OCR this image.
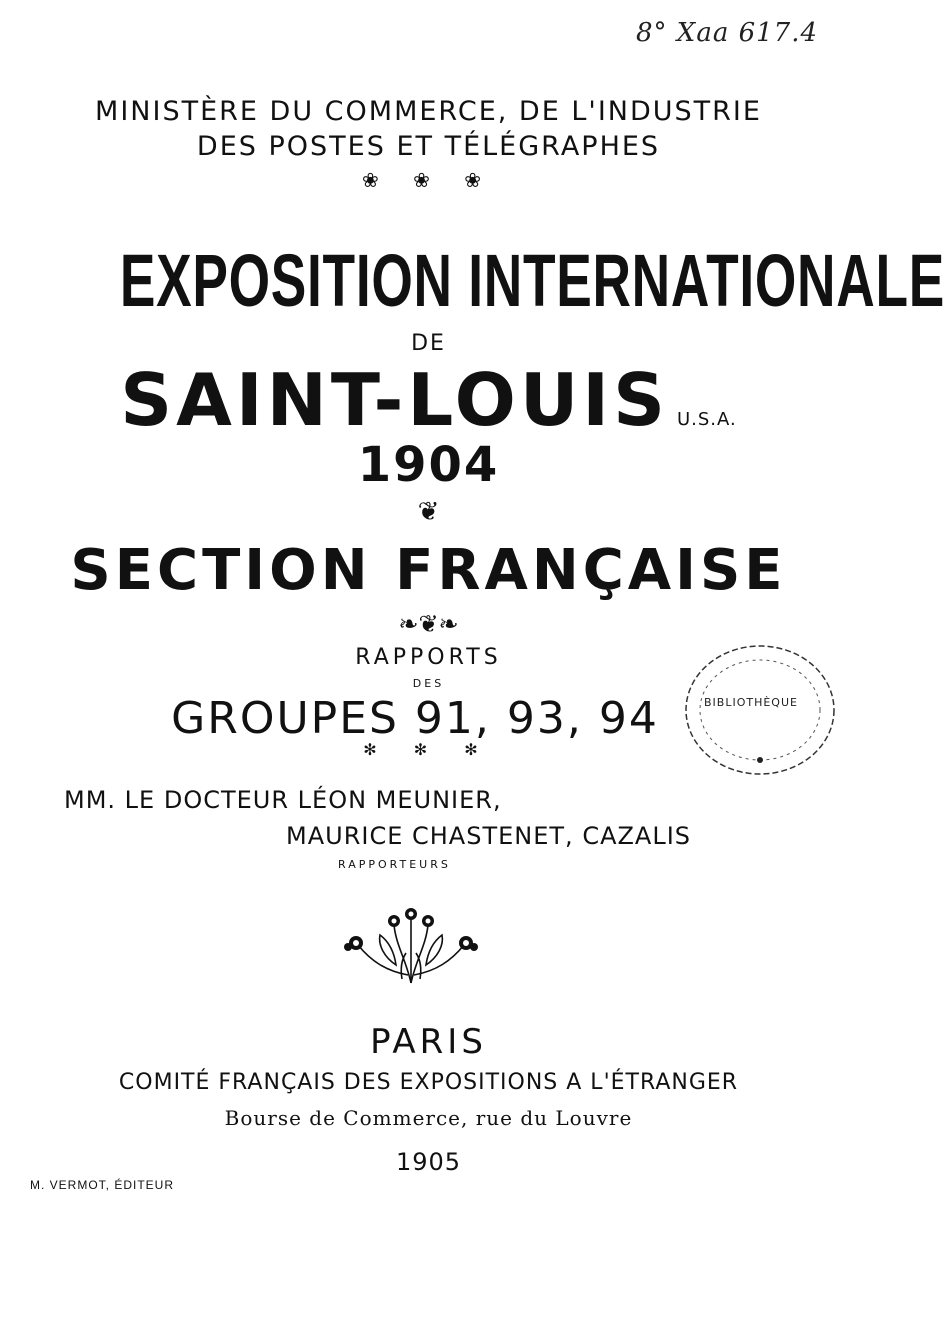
8° Xaa 617.4
MINISTÈRE DU COMMERCE, DE L'INDUSTRIE
DES POSTES ET TÉLÉGRAPHES
❀ ❀ ❀
EXPOSITION INTERNATIONALE
DE
SAINT-LOUIS U.S.A.
1904
❦
SECTION FRANÇAISE
❧❦❧
RAPPORTS
DES
GROUPES 91, 93, 94
✻ ✻ ✻
MM. LE DOCTEUR LÉON MEUNIER,
MAURICE CHASTENET, CAZALIS
RAPPORTEURS
BIBLIOTHÈQUE
PARIS
COMITÉ FRANÇAIS DES EXPOSITIONS A L'ÉTRANGER
Bourse de Commerce, rue du Louvre
1905
M. VERMOT, ÉDITEUR
